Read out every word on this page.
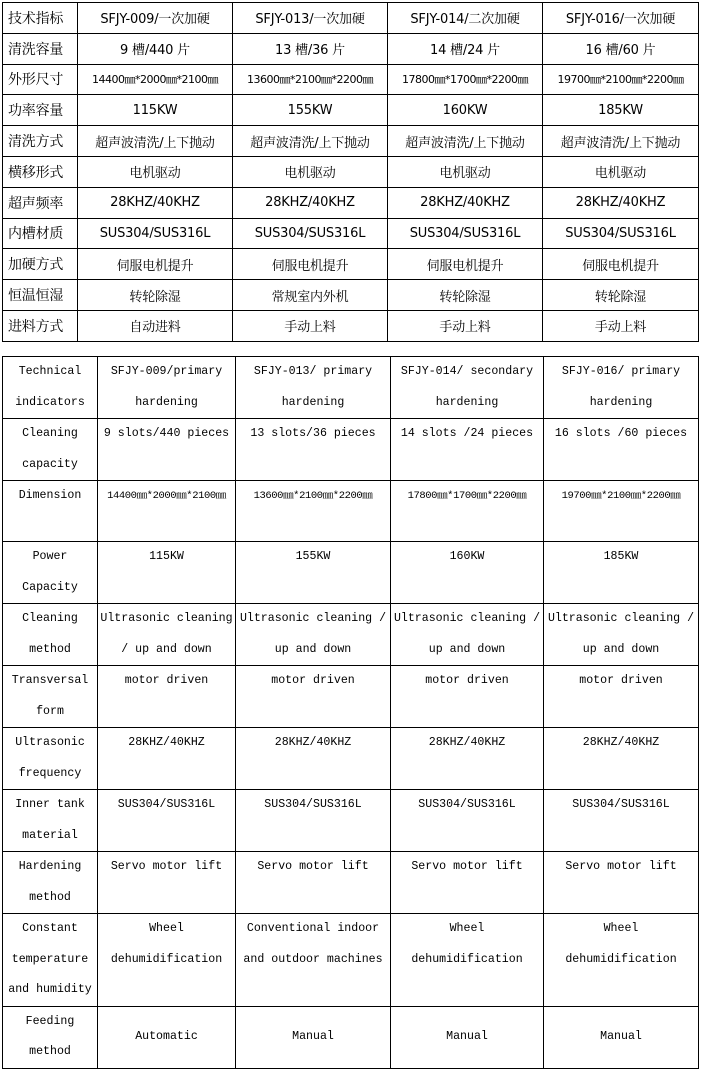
技术指标	SFJY-009/一次加硬	SFJY-013/一次加硬	SFJY-014/二次加硬	SFJY-016/一次加硬
清洗容量	9 槽/440 片	13 槽/36 片	14 槽/24 片	16 槽/60 片
外形尺寸	14400㎜*2000㎜*2100㎜	13600㎜*2100㎜*2200㎜	17800㎜*1700㎜*2200㎜	19700㎜*2100㎜*2200㎜
功率容量	115KW	155KW	160KW	185KW
清洗方式	超声波清洗/上下抛动	超声波清洗/上下抛动	超声波清洗/上下抛动	超声波清洗/上下抛动
横移形式	电机驱动	电机驱动	电机驱动	电机驱动
超声频率	28KHZ/40KHZ	28KHZ/40KHZ	28KHZ/40KHZ	28KHZ/40KHZ
内槽材质	SUS304/SUS316L	SUS304/SUS316L	SUS304/SUS316L	SUS304/SUS316L
加硬方式	伺服电机提升	伺服电机提升	伺服电机提升	伺服电机提升
恒温恒湿	转轮除湿	常规室内外机	转轮除湿	转轮除湿
进料方式	自动进料	手动上料	手动上料	手动上料
Technical indicators	SFJY-009/primary hardening	SFJY-013/ primary hardening	SFJY-014/ secondary hardening	SFJY-016/ primary hardening
Cleaning capacity	9 slots/440 pieces	13 slots/36 pieces	14 slots /24 pieces	16 slots /60 pieces
Dimension	14400㎜*2000㎜*2100㎜	13600㎜*2100㎜*2200㎜	17800㎜*1700㎜*2200㎜	19700㎜*2100㎜*2200㎜
Power Capacity	115KW	155KW	160KW	185KW
Cleaning method	Ultrasonic cleaning / up and down	Ultrasonic cleaning / up and down	Ultrasonic cleaning / up and down	Ultrasonic cleaning / up and down
Transversal form	motor driven	motor driven	motor driven	motor driven
Ultrasonic frequency	28KHZ/40KHZ	28KHZ/40KHZ	28KHZ/40KHZ	28KHZ/40KHZ
Inner tank material	SUS304/SUS316L	SUS304/SUS316L	SUS304/SUS316L	SUS304/SUS316L
Hardening method	Servo motor lift	Servo motor lift	Servo motor lift	Servo motor lift
Constant temperature and humidity	Wheel dehumidification	Conventional indoor and outdoor machines	Wheel dehumidification	Wheel dehumidification
Feeding method	Automatic	Manual	Manual	Manual
